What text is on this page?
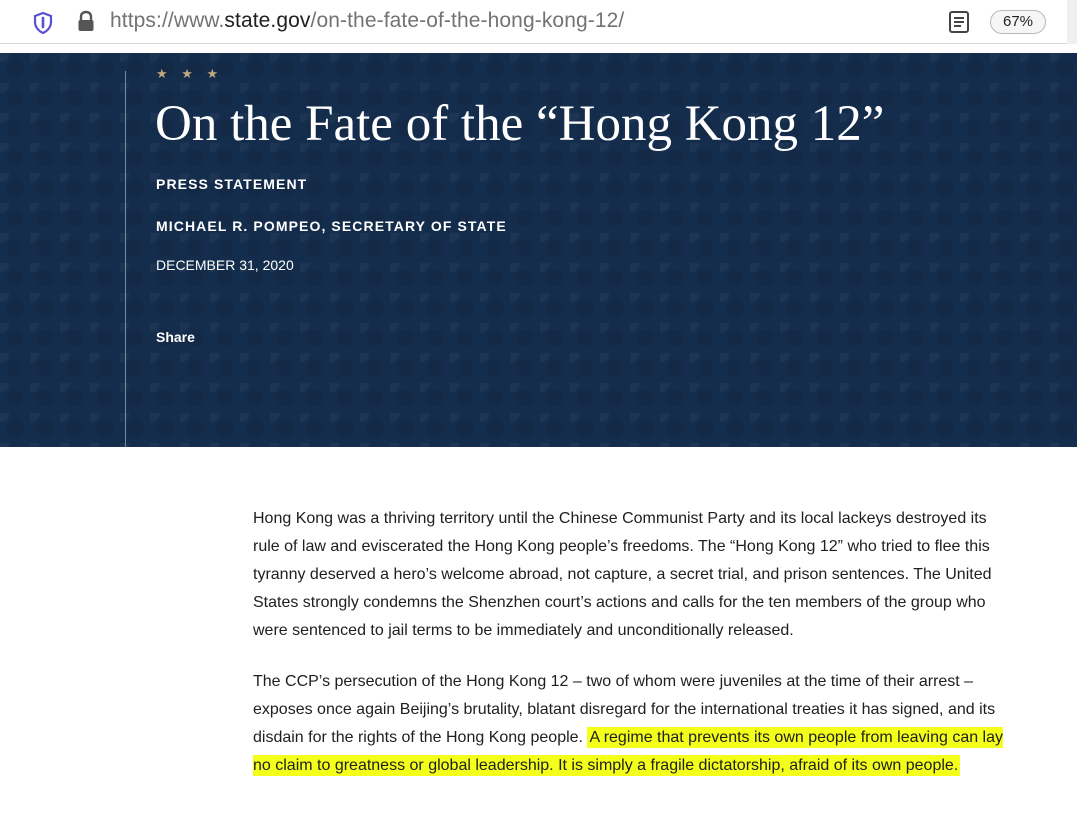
https://www.state.gov/on-the-fate-of-the-hong-kong-12/	67%
★ ★ ★
On the Fate of the “Hong Kong 12”
PRESS STATEMENT
MICHAEL R. POMPEO, SECRETARY OF STATE
DECEMBER 31, 2020
Share

Hong Kong was a thriving territory until the Chinese Communist Party and its local lackeys destroyed its rule of law and eviscerated the Hong Kong people’s freedoms. The “Hong Kong 12” who tried to flee this tyranny deserved a hero’s welcome abroad, not capture, a secret trial, and prison sentences. The United States strongly condemns the Shenzhen court’s actions and calls for the ten members of the group who were sentenced to jail terms to be immediately and unconditionally released.

The CCP’s persecution of the Hong Kong 12 – two of whom were juveniles at the time of their arrest – exposes once again Beijing’s brutality, blatant disregard for the international treaties it has signed, and its disdain for the rights of the Hong Kong people. A regime that prevents its own people from leaving can lay no claim to greatness or global leadership. It is simply a fragile dictatorship, afraid of its own people.
